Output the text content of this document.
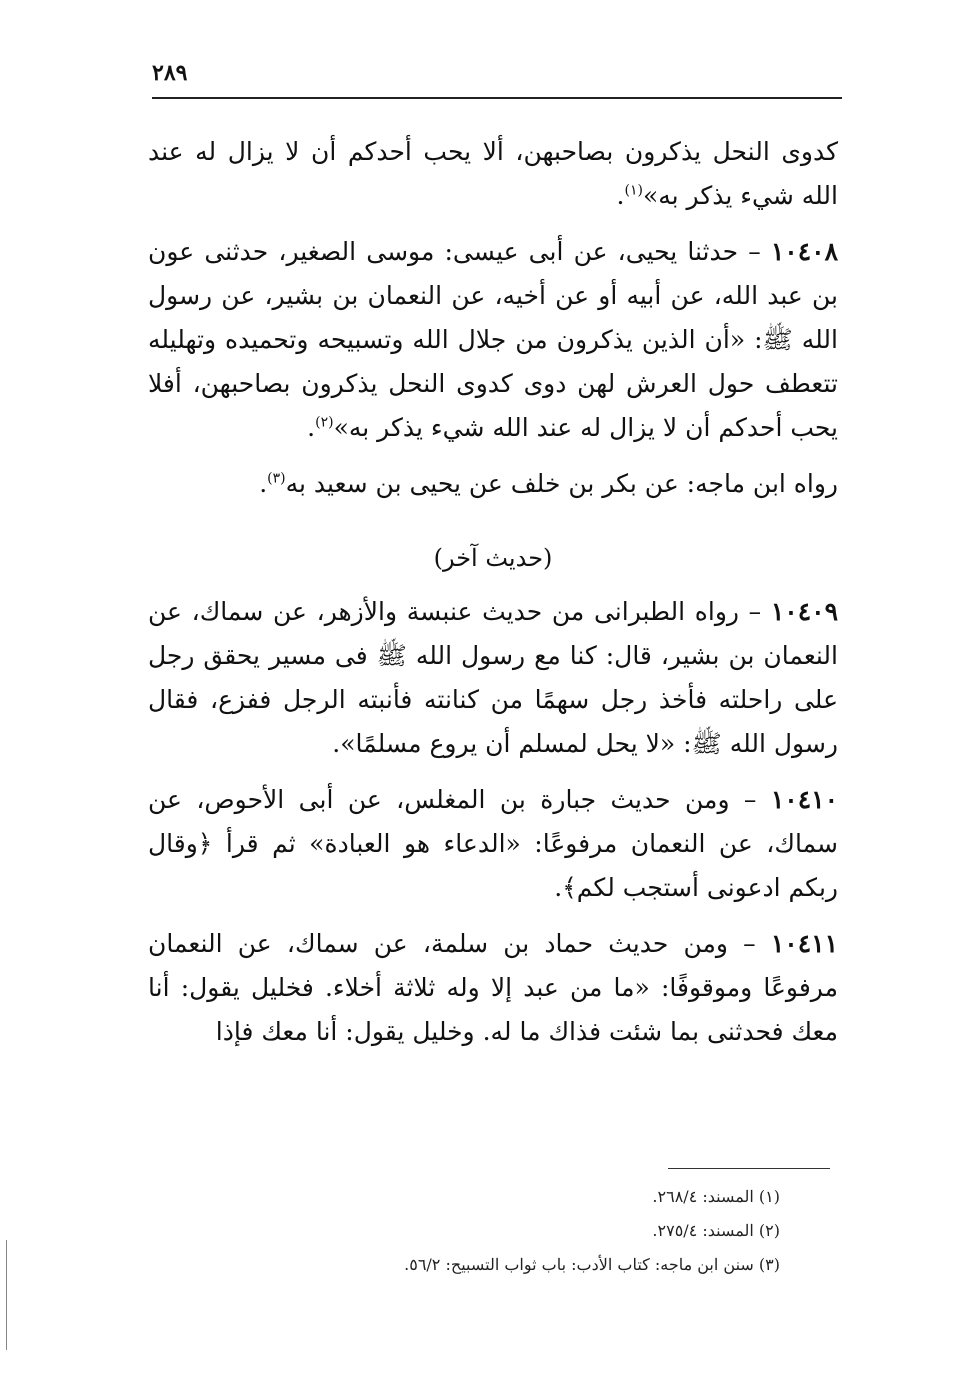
٢٨٩

كدوى النحل يذكرون بصاحبهن، ألا يحب أحدكم أن لا يزال له عند الله شيء يذكر به»$^{(١)}$.

١٠٤٠٨ – حدثنا يحيى، عن أبى عيسى: موسى الصغير، حدثنى عون بن عبد الله، عن أبيه أو عن أخيه، عن النعمان بن بشير، عن رسول الله ﷺ: «أن الذين يذكرون من جلال الله وتسبيحه وتحميده وتهليله تتعطف حول العرش لهن دوى كدوى النحل يذكرون بصاحبهن، أفلا يحب أحدكم أن لا يزال له عند الله شيء يذكر به»$^{(٢)}$.

رواه ابن ماجه: عن بكر بن خلف عن يحيى بن سعيد به$^{(٣)}$.

(حديث آخر)

١٠٤٠٩ – رواه الطبرانى من حديث عنبسة والأزهر، عن سماك، عن النعمان بن بشير، قال: كنا مع رسول الله ﷺ فى مسير يحقق رجل على راحلته فأخذ رجل سهمًا من كنانته فأنبته الرجل ففزع، فقال رسول الله ﷺ: «لا يحل لمسلم أن يروع مسلمًا».

١٠٤١٠ – ومن حديث جبارة بن المغلس، عن أبى الأحوص، عن سماك، عن النعمان مرفوعًا: «الدعاء هو العبادة» ثم قرأ ﴿وقال ربكم ادعونى أستجب لكم﴾.

١٠٤١١ – ومن حديث حماد بن سلمة، عن سماك، عن النعمان مرفوعًا وموقوفًا: «ما من عبد إلا وله ثلاثة أخلاء. فخليل يقول: أنا معك فحدثنى بما شئت فذاك ما له. وخليل يقول: أنا معك فإذا

(١) المسند: ٢٦٨/٤.
(٢) المسند: ٢٧٥/٤.
(٣) سنن ابن ماجه: كتاب الأدب: باب ثواب التسبيح: ٥٦/٢.
